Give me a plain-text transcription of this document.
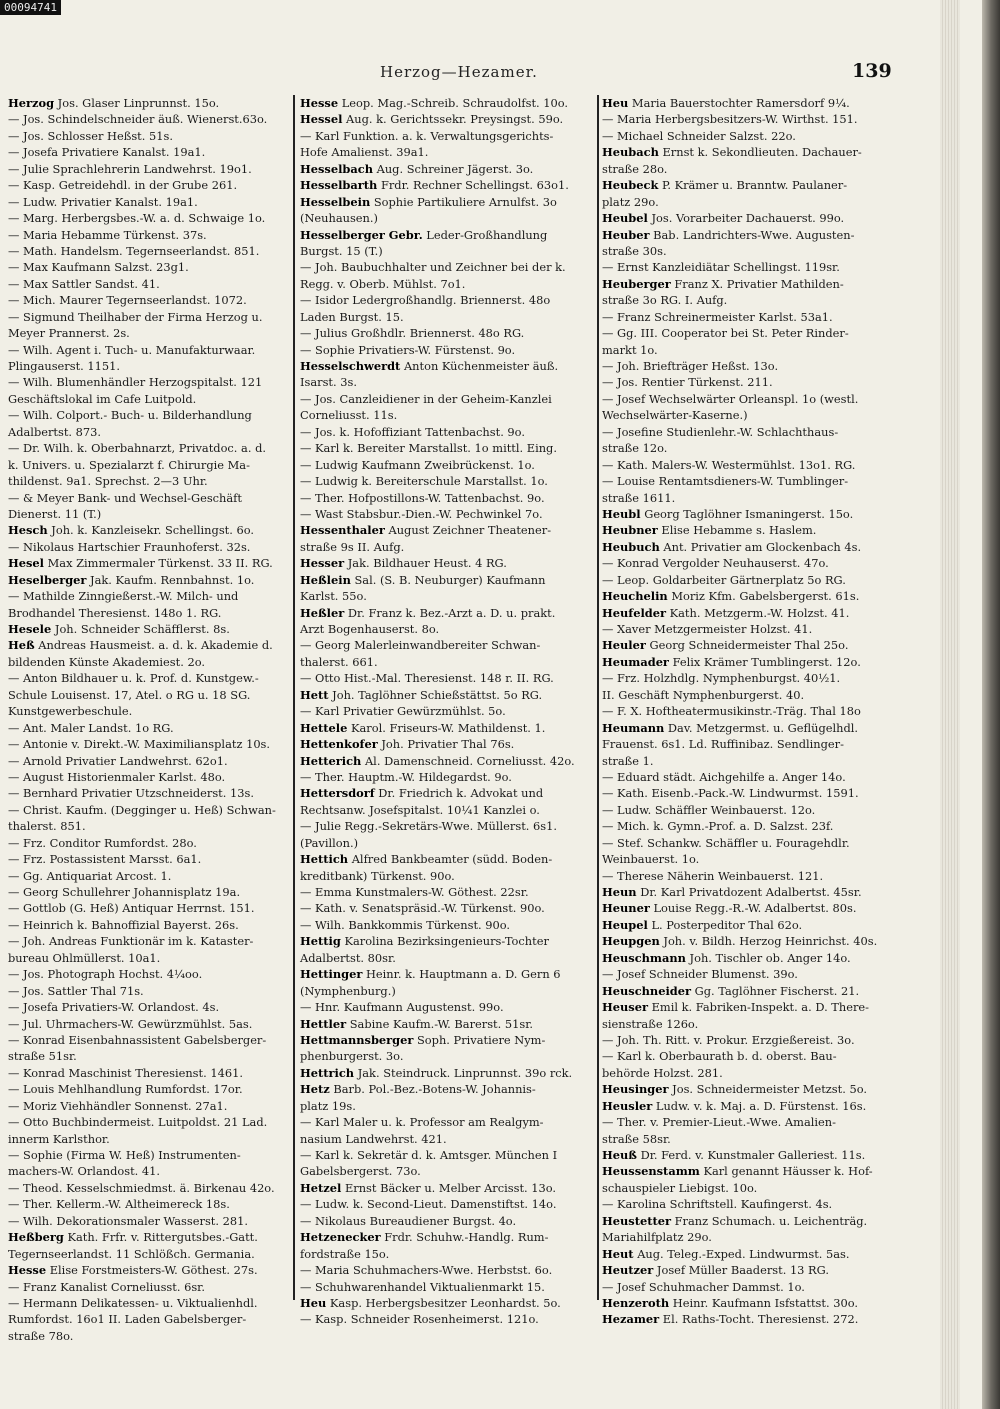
00094741
Herzog—Hezamer.	139
Herzog Jos. Glaser Linprunnst. 15o.
— Jos. Schindelschneider äuß. Wienerst.63o.
— Jos. Schlosser Heßst. 51s.
— Josefa Privatiere Kanalst. 19a1.
— Julie Sprachlehrerin Landwehrst. 19o1.
— Kasp. Getreidehdl. in der Grube 261.
— Ludw. Privatier Kanalst. 19a1.
— Marg. Herbergsbes.-W. a. d. Schwaige 1o.
— Maria Hebamme Türkenst. 37s.
— Math. Handelsm. Tegernseerlandst. 851.
— Max Kaufmann Salzst. 23g1.
— Max Sattler Sandst. 41.
— Mich. Maurer Tegernseerlandst. 1072.
— Sigmund Theilhaber der Firma Herzog u.
Meyer Prannerst. 2s.
— Wilh. Agent i. Tuch- u. Manufakturwaar.
Plingauserst. 1151.
— Wilh. Blumenhändler Herzogspitalst. 121
Geschäftslokal im Cafe Luitpold.
— Wilh. Colport.- Buch- u. Bilderhandlung
Adalbertst. 873.
— Dr. Wilh. k. Oberbahnarzt, Privatdoc. a. d.
k. Univers. u. Spezialarzt f. Chirurgie Ma-
thildenst. 9a1. Sprechst. 2—3 Uhr.
— & Meyer Bank- und Wechsel-Geschäft
Dienerst. 11 (T.)
Hesch Joh. k. Kanzleisekr. Schellingst. 6o.
— Nikolaus Hartschier Fraunhoferst. 32s.
Hesel Max Zimmermaler Türkenst. 33 II. RG.
Heselberger Jak. Kaufm. Rennbahnst. 1o.
— Mathilde Zinngießerst.-W. Milch- und
Brodhandel Theresienst. 148o 1. RG.
Hesele Joh. Schneider Schäfflerst. 8s.
Heß Andreas Hausmeist. a. d. k. Akademie d.
bildenden Künste Akademiest. 2o.
— Anton Bildhauer u. k. Prof. d. Kunstgew.-
Schule Louisenst. 17, Atel. o RG u. 18 SG.
Kunstgewerbeschule.
— Ant. Maler Landst. 1o RG.
— Antonie v. Direkt.-W. Maximiliansplatz 10s.
— Arnold Privatier Landwehrst. 62o1.
— August Historienmaler Karlst. 48o.
— Bernhard Privatier Utzschneiderst. 13s.
— Christ. Kaufm. (Degginger u. Heß) Schwan-
thalerst. 851.
— Frz. Conditor Rumfordst. 28o.
— Frz. Postassistent Marsst. 6a1.
— Gg. Antiquariat Arcost. 1.
— Georg Schullehrer Johannisplatz 19a.
— Gottlob (G. Heß) Antiquar Herrnst. 151.
— Heinrich k. Bahnoffizial Bayerst. 26s.
— Joh. Andreas Funktionär im k. Kataster-
bureau Ohlmüllerst. 10a1.
— Jos. Photograph Hochst. 4¼oo.
— Jos. Sattler Thal 71s.
— Josefa Privatiers-W. Orlandost. 4s.
— Jul. Uhrmachers-W. Gewürzmühlst. 5as.
— Konrad Eisenbahnassistent Gabelsberger-
straße 51sr.
— Konrad Maschinist Theresienst. 1461.
— Louis Mehlhandlung Rumfordst. 17or.
— Moriz Viehhändler Sonnenst. 27a1.
— Otto Buchbindermeist. Luitpoldst. 21 Lad.
innerm Karlsthor.
— Sophie (Firma W. Heß) Instrumenten-
machers-W. Orlandost. 41.
— Theod. Kesselschmiedmst. ä. Birkenau 42o.
— Ther. Kellerm.-W. Altheimereck 18s.
— Wilh. Dekorationsmaler Wasserst. 281.
Heßberg Kath. Frfr. v. Rittergutsbes.-Gatt.
Tegernseerlandst. 11 Schlößch. Germania.
Hesse Elise Forstmeisters-W. Göthest. 27s.
— Franz Kanalist Corneliusst. 6sr.
— Hermann Delikatessen- u. Viktualienhdl.
Rumfordst. 16o1 II. Laden Gabelsberger-
straße 78o.
Hesse Leop. Mag.-Schreib. Schraudolfst. 10o.
Hessel Aug. k. Gerichtssekr. Preysingst. 59o.
— Karl Funktion. a. k. Verwaltungsgerichts-
Hofe Amalienst. 39a1.
Hesselbach Aug. Schreiner Jägerst. 3o.
Hesselbarth Frdr. Rechner Schellingst. 63o1.
Hesselbein Sophie Partikuliere Arnulfst. 3o
(Neuhausen.)
Hesselberger Gebr. Leder-Großhandlung
Burgst. 15 (T.)
— Joh. Baubuchhalter und Zeichner bei der k.
Regg. v. Oberb. Mühlst. 7o1.
— Isidor Ledergroßhandlg. Briennerst. 48o
Laden Burgst. 15.
— Julius Großhdlr. Briennerst. 48o RG.
— Sophie Privatiers-W. Fürstenst. 9o.
Hesselschwerdt Anton Küchenmeister äuß.
Isarst. 3s.
— Jos. Canzleidiener in der Geheim-Kanzlei
Corneliusst. 11s.
— Jos. k. Hofoffiziant Tattenbachst. 9o.
— Karl k. Bereiter Marstallst. 1o mittl. Eing.
— Ludwig Kaufmann Zweibrückenst. 1o.
— Ludwig k. Bereiterschule Marstallst. 1o.
— Ther. Hofpostillons-W. Tattenbachst. 9o.
— Wast Stabsbur.-Dien.-W. Pechwinkel 7o.
Hessenthaler August Zeichner Theatener-
straße 9s II. Aufg.
Hesser Jak. Bildhauer Heust. 4 RG.
Heßlein Sal. (S. B. Neuburger) Kaufmann
Karlst. 55o.
Heßler Dr. Franz k. Bez.-Arzt a. D. u. prakt.
Arzt Bogenhauserst. 8o.
— Georg Malerleinwandbereiter Schwan-
thalerst. 661.
— Otto Hist.-Mal. Theresienst. 148 r. II. RG.
Hett Joh. Taglöhner Schießstättst. 5o RG.
— Karl Privatier Gewürzmühlst. 5o.
Hettele Karol. Friseurs-W. Mathildenst. 1.
Hettenkofer Joh. Privatier Thal 76s.
Hetterich Al. Damenschneid. Corneliusst. 42o.
— Ther. Hauptm.-W. Hildegardst. 9o.
Hettersdorf Dr. Friedrich k. Advokat und
Rechtsanw. Josefspitalst. 10¼1 Kanzlei o.
— Julie Regg.-Sekretärs-Wwe. Müllerst. 6s1.
(Pavillon.)
Hettich Alfred Bankbeamter (südd. Boden-
kreditbank) Türkenst. 90o.
— Emma Kunstmalers-W. Göthest. 22sr.
— Kath. v. Senatspräsid.-W. Türkenst. 90o.
— Wilh. Bankkommis Türkenst. 90o.
Hettig Karolina Bezirksingenieurs-Tochter
Adalbertst. 80sr.
Hettinger Heinr. k. Hauptmann a. D. Gern 6
(Nymphenburg.)
— Hnr. Kaufmann Augustenst. 99o.
Hettler Sabine Kaufm.-W. Barerst. 51sr.
Hettmannsberger Soph. Privatiere Nym-
phenburgerst. 3o.
Hettrich Jak. Steindruck. Linprunnst. 39o rck.
Hetz Barb. Pol.-Bez.-Botens-W. Johannis-
platz 19s.
— Karl Maler u. k. Professor am Realgym-
nasium Landwehrst. 421.
— Karl k. Sekretär d. k. Amtsger. München I
Gabelsbergerst. 73o.
Hetzel Ernst Bäcker u. Melber Arcisst. 13o.
— Ludw. k. Second-Lieut. Damenstiftst. 14o.
— Nikolaus Bureaudiener Burgst. 4o.
Hetzenecker Frdr. Schuhw.-Handlg. Rum-
fordstraße 15o.
— Maria Schuhmachers-Wwe. Herbstst. 6o.
— Schuhwarenhandel Viktualienmarkt 15.
Heu Kasp. Herbergsbesitzer Leonhardst. 5o.
— Kasp. Schneider Rosenheimerst. 121o.
Heu Maria Bauerstochter Ramersdorf 9¼.
— Maria Herbergsbesitzers-W. Wirthst. 151.
— Michael Schneider Salzst. 22o.
Heubach Ernst k. Sekondlieuten. Dachauer-
straße 28o.
Heubeck P. Krämer u. Branntw. Paulaner-
platz 29o.
Heubel Jos. Vorarbeiter Dachauerst. 99o.
Heuber Bab. Landrichters-Wwe. Augusten-
straße 30s.
— Ernst Kanzleidiätar Schellingst. 119sr.
Heuberger Franz X. Privatier Mathilden-
straße 3o RG. I. Aufg.
— Franz Schreinermeister Karlst. 53a1.
— Gg. III. Cooperator bei St. Peter Rinder-
markt 1o.
— Joh. Briefträger Heßst. 13o.
— Jos. Rentier Türkenst. 211.
— Josef Wechselwärter Orleanspl. 1o (westl.
Wechselwärter-Kaserne.)
— Josefine Studienlehr.-W. Schlachthaus-
straße 12o.
— Kath. Malers-W. Westermühlst. 13o1. RG.
— Louise Rentamtsdieners-W. Tumblinger-
straße 1611.
Heubl Georg Taglöhner Ismaningerst. 15o.
Heubner Elise Hebamme s. Haslem.
Heubuch Ant. Privatier am Glockenbach 4s.
— Konrad Vergolder Neuhauserst. 47o.
— Leop. Goldarbeiter Gärtnerplatz 5o RG.
Heuchelin Moriz Kfm. Gabelsbergerst. 61s.
Heufelder Kath. Metzgerm.-W. Holzst. 41.
— Xaver Metzgermeister Holzst. 41.
Heuler Georg Schneidermeister Thal 25o.
Heumader Felix Krämer Tumblingerst. 12o.
— Frz. Holzhdlg. Nymphenburgst. 40½1.
II. Geschäft Nymphenburgerst. 40.
— F. X. Hoftheatermusikinstr.-Träg. Thal 18o
Heumann Dav. Metzgermst. u. Geflügelhdl.
Frauenst. 6s1. Ld. Ruffinibaz. Sendlinger-
straße 1.
— Eduard städt. Aichgehilfe a. Anger 14o.
— Kath. Eisenb.-Pack.-W. Lindwurmst. 1591.
— Ludw. Schäffler Weinbauerst. 12o.
— Mich. k. Gymn.-Prof. a. D. Salzst. 23f.
— Stef. Schankw. Schäffler u. Fouragehdlr.
Weinbauerst. 1o.
— Therese Näherin Weinbauerst. 121.
Heun Dr. Karl Privatdozent Adalbertst. 45sr.
Heuner Louise Regg.-R.-W. Adalbertst. 80s.
Heupel L. Posterpeditor Thal 62o.
Heupgen Joh. v. Bildh. Herzog Heinrichst. 40s.
Heuschmann Joh. Tischler ob. Anger 14o.
— Josef Schneider Blumenst. 39o.
Heuschneider Gg. Taglöhner Fischerst. 21.
Heuser Emil k. Fabriken-Inspekt. a. D. There-
sienstraße 126o.
— Joh. Th. Ritt. v. Prokur. Erzgießereist. 3o.
— Karl k. Oberbaurath b. d. oberst. Bau-
behörde Holzst. 281.
Heusinger Jos. Schneidermeister Metzst. 5o.
Heusler Ludw. v. k. Maj. a. D. Fürstenst. 16s.
— Ther. v. Premier-Lieut.-Wwe. Amalien-
straße 58sr.
Heuß Dr. Ferd. v. Kunstmaler Galleriest. 11s.
Heussenstamm Karl genannt Häusser k. Hof-
schauspieler Liebigst. 10o.
— Karolina Schriftstell. Kaufingerst. 4s.
Heustetter Franz Schumach. u. Leichenträg.
Mariahilfplatz 29o.
Heut Aug. Teleg.-Exped. Lindwurmst. 5as.
Heutzer Josef Müller Baaderst. 13 RG.
— Josef Schuhmacher Dammst. 1o.
Henzeroth Heinr. Kaufmann Isfstattst. 30o.
Hezamer El. Raths-Tocht. Theresienst. 272.
